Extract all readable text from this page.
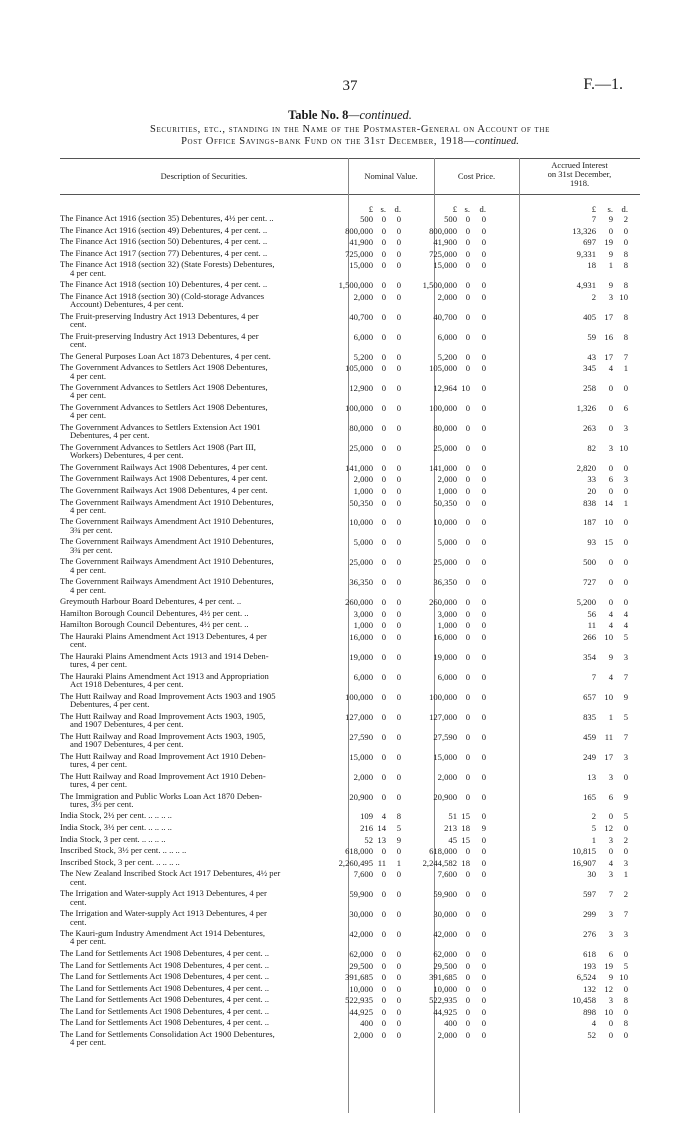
37	F.—1.
Table No. 8—continued.
Securities, etc., standing in the Name of the Postmaster-General on Account of the
Post Office Savings-bank Fund on the 31st December, 1918—continued.
Description of Securities.	Nominal Value.	Cost Price.
Accrued Interest
on 31st December,
1918.
£ s. d.	£ s. d.	£ s. d.
The Finance Act 1916 (section 35) Debentures, 4½ per cent. ..	500 0 0	500 0 0	7 9 2
The Finance Act 1916 (section 49) Debentures, 4 per cent. ..	800,000 0 0	800,000 0 0	13,326 0 0
The Finance Act 1916 (section 50) Debentures, 4 per cent. ..	41,900 0 0	41,900 0 0	697 19 0
The Finance Act 1917 (section 77) Debentures, 4 per cent. ..	725,000 0 0	725,000 0 0	9,331 9 8
The Finance Act 1918 (section 32) (State Forests) Debentures,
4 per cent.
15,000 0 0	15,000 0 0	18 1 8
The Finance Act 1918 (section 10) Debentures, 4 per cent. ..	1,500,000 0 0	1,500,000 0 0	4,931 9 8
The Finance Act 1918 (section 30) (Cold-storage Advances
Account) Debentures, 4 per cent.
2,000 0 0	2,000 0 0	2 3 10
The Fruit-preserving Industry Act 1913 Debentures, 4 per
cent.
40,700 0 0	40,700 0 0	405 17 8
The Fruit-preserving Industry Act 1913 Debentures, 4 per
cent.
6,000 0 0	6,000 0 0	59 16 8
The General Purposes Loan Act 1873 Debentures, 4 per cent.	5,200 0 0	5,200 0 0	43 17 7
The Government Advances to Settlers Act 1908 Debentures,
4 per cent.
105,000 0 0	105,000 0 0	345 4 1
The Government Advances to Settlers Act 1908 Debentures,
4 per cent.
12,900 0 0	12,964 10 0	258 0 0
The Government Advances to Settlers Act 1908 Debentures,
4 per cent.
100,000 0 0	100,000 0 0	1,326 0 6
The Government Advances to Settlers Extension Act 1901
Debentures, 4 per cent.
80,000 0 0	80,000 0 0	263 0 3
The Government Advances to Settlers Act 1908 (Part III,
Workers) Debentures, 4 per cent.
25,000 0 0	25,000 0 0	82 3 10
The Government Railways Act 1908 Debentures, 4 per cent.	141,000 0 0	141,000 0 0	2,820 0 0
The Government Railways Act 1908 Debentures, 4 per cent.	2,000 0 0	2,000 0 0	33 6 3
The Government Railways Act 1908 Debentures, 4 per cent.	1,000 0 0	1,000 0 0	20 0 0
The Government Railways Amendment Act 1910 Debentures,
4 per cent.
50,350 0 0	50,350 0 0	838 14 1
The Government Railways Amendment Act 1910 Debentures,
3¾ per cent.
10,000 0 0	10,000 0 0	187 10 0
The Government Railways Amendment Act 1910 Debentures,
3¾ per cent.
5,000 0 0	5,000 0 0	93 15 0
The Government Railways Amendment Act 1910 Debentures,
4 per cent.
25,000 0 0	25,000 0 0	500 0 0
The Government Railways Amendment Act 1910 Debentures,
4 per cent.
36,350 0 0	36,350 0 0	727 0 0
Greymouth Harbour Board Debentures, 4 per cent. ..	260,000 0 0	260,000 0 0	5,200 0 0
Hamilton Borough Council Debentures, 4½ per cent. ..	3,000 0 0	3,000 0 0	56 4 4
Hamilton Borough Council Debentures, 4½ per cent. ..	1,000 0 0	1,000 0 0	11 4 4
The Hauraki Plains Amendment Act 1913 Debentures, 4 per
cent.
16,000 0 0	16,000 0 0	266 10 5
The Hauraki Plains Amendment Acts 1913 and 1914 Deben-
tures, 4 per cent.
19,000 0 0	19,000 0 0	354 9 3
The Hauraki Plains Amendment Act 1913 and Appropriation
Act 1918 Debentures, 4 per cent.
6,000 0 0	6,000 0 0	7 4 7
The Hutt Railway and Road Improvement Acts 1903 and 1905
Debentures, 4 per cent.
100,000 0 0	100,000 0 0	657 10 9
The Hutt Railway and Road Improvement Acts 1903, 1905,
and 1907 Debentures, 4 per cent.
127,000 0 0	127,000 0 0	835 1 5
The Hutt Railway and Road Improvement Acts 1903, 1905,
and 1907 Debentures, 4 per cent.
27,590 0 0	27,590 0 0	459 11 7
The Hutt Railway and Road Improvement Act 1910 Deben-
tures, 4 per cent.
15,000 0 0	15,000 0 0	249 17 3
The Hutt Railway and Road Improvement Act 1910 Deben-
tures, 4 per cent.
2,000 0 0	2,000 0 0	13 3 0
The Immigration and Public Works Loan Act 1870 Deben-
tures, 3½ per cent.
20,900 0 0	20,900 0 0	165 6 9
India Stock, 2½ per cent. .. .. .. ..	109 4 8	51 15 0	2 0 5
India Stock, 3½ per cent. .. .. .. ..	216 14 5	213 18 9	5 12 0
India Stock, 3 per cent. .. .. .. ..	52 13 9	45 15 0	1 3 2
Inscribed Stock, 3½ per cent. .. .. .. ..	618,000 0 0	618,000 0 0	10,815 0 0
Inscribed Stock, 3 per cent. .. .. .. ..	2,260,495 11 1	2,244,582 18 0	16,907 4 3
The New Zealand Inscribed Stock Act 1917 Debentures, 4½ per
cent.
7,600 0 0	7,600 0 0	30 3 1
The Irrigation and Water-supply Act 1913 Debentures, 4 per
cent.
59,900 0 0	59,900 0 0	597 7 2
The Irrigation and Water-supply Act 1913 Debentures, 4 per
cent.
30,000 0 0	30,000 0 0	299 3 7
The Kauri-gum Industry Amendment Act 1914 Debentures,
4 per cent.
42,000 0 0	42,000 0 0	276 3 3
The Land for Settlements Act 1908 Debentures, 4 per cent. ..	62,000 0 0	62,000 0 0	618 6 0
The Land for Settlements Act 1908 Debentures, 4 per cent. ..	29,500 0 0	29,500 0 0	193 19 5
The Land for Settlements Act 1908 Debentures, 4 per cent. ..	391,685 0 0	391,685 0 0	6,524 9 10
The Land for Settlements Act 1908 Debentures, 4 per cent. ..	10,000 0 0	10,000 0 0	132 12 0
The Land for Settlements Act 1908 Debentures, 4 per cent. ..	522,935 0 0	522,935 0 0	10,458 3 8
The Land for Settlements Act 1908 Debentures, 4 per cent. ..	44,925 0 0	44,925 0 0	898 10 0
The Land for Settlements Act 1908 Debentures, 4 per cent. ..	400 0 0	400 0 0	4 0 8
The Land for Settlements Consolidation Act 1900 Debentures,
4 per cent.
2,000 0 0	2,000 0 0	52 0 0
